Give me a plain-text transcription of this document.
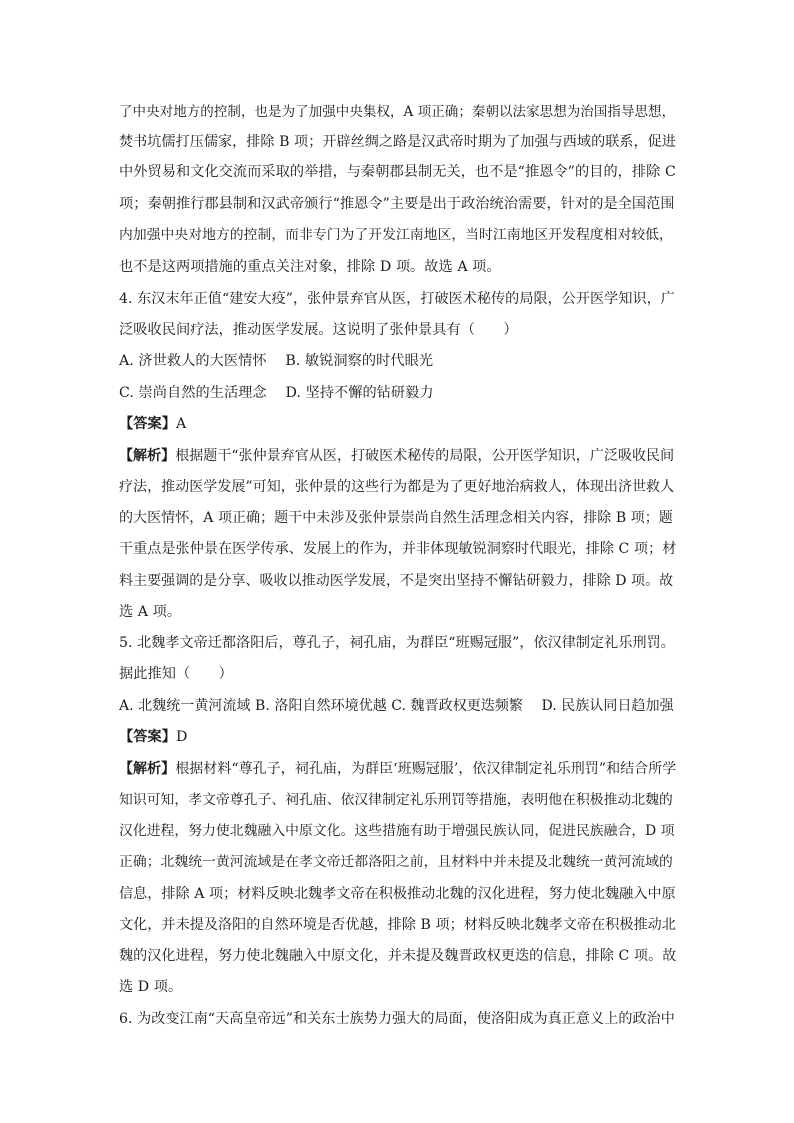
了中央对地方的控制，也是为了加强中央集权，A 项正确；秦朝以法家思想为治国指导思想，
焚书坑儒打压儒家，排除 B 项；开辟丝绸之路是汉武帝时期为了加强与西域的联系，促进
中外贸易和文化交流而采取的举措，与秦朝郡县制无关，也不是“推恩令”的目的，排除 C
项；秦朝推行郡县制和汉武帝颁行“推恩令”主要是出于政治统治需要，针对的是全国范围
内加强中央对地方的控制，而非专门为了开发江南地区，当时江南地区开发程度相对较低，
也不是这两项措施的重点关注对象，排除 D 项。故选 A 项。
4. 东汉末年正值“建安大疫”，张仲景弃官从医，打破医术秘传的局限，公开医学知识，广
泛吸收民间疗法，推动医学发展。这说明了张仲景具有（　　）
A. 济世救人的大医情怀　 B. 敏锐洞察的时代眼光
C. 崇尚自然的生活理念　 D. 坚持不懈的钻研毅力
【答案】A
【解析】根据题干“张仲景弃官从医，打破医术秘传的局限，公开医学知识，广泛吸收民间
疗法，推动医学发展”可知，张仲景的这些行为都是为了更好地治病救人，体现出济世救人
的大医情怀，A 项正确；题干中未涉及张仲景崇尚自然生活理念相关内容，排除 B 项；题
干重点是张仲景在医学传承、发展上的作为，并非体现敏锐洞察时代眼光，排除 C 项；材
料主要强调的是分享、吸收以推动医学发展，不是突出坚持不懈钻研毅力，排除 D 项。故
选 A 项。
5. 北魏孝文帝迁都洛阳后，尊孔子，祠孔庙，为群臣“班赐冠服”，依汉律制定礼乐刑罚。
据此推知（　　）
A. 北魏统一黄河流域 B. 洛阳自然环境优越 C. 魏晋政权更迭频繁　 D. 民族认同日趋加强
【答案】D
【解析】根据材料“尊孔子，祠孔庙，为群臣‘班赐冠服’，依汉律制定礼乐刑罚”和结合所学
知识可知，孝文帝尊孔子、祠孔庙、依汉律制定礼乐刑罚等措施，表明他在积极推动北魏的
汉化进程，努力使北魏融入中原文化。这些措施有助于增强民族认同，促进民族融合，D 项
正确；北魏统一黄河流域是在孝文帝迁都洛阳之前，且材料中并未提及北魏统一黄河流域的
信息，排除 A 项；材料反映北魏孝文帝在积极推动北魏的汉化进程，努力使北魏融入中原
文化，并未提及洛阳的自然环境是否优越，排除 B 项；材料反映北魏孝文帝在积极推动北
魏的汉化进程，努力使北魏融入中原文化，并未提及魏晋政权更迭的信息，排除 C 项。故
选 D 项。
6. 为改变江南“天高皇帝远”和关东士族势力强大的局面，使洛阳成为真正意义上的政治中
